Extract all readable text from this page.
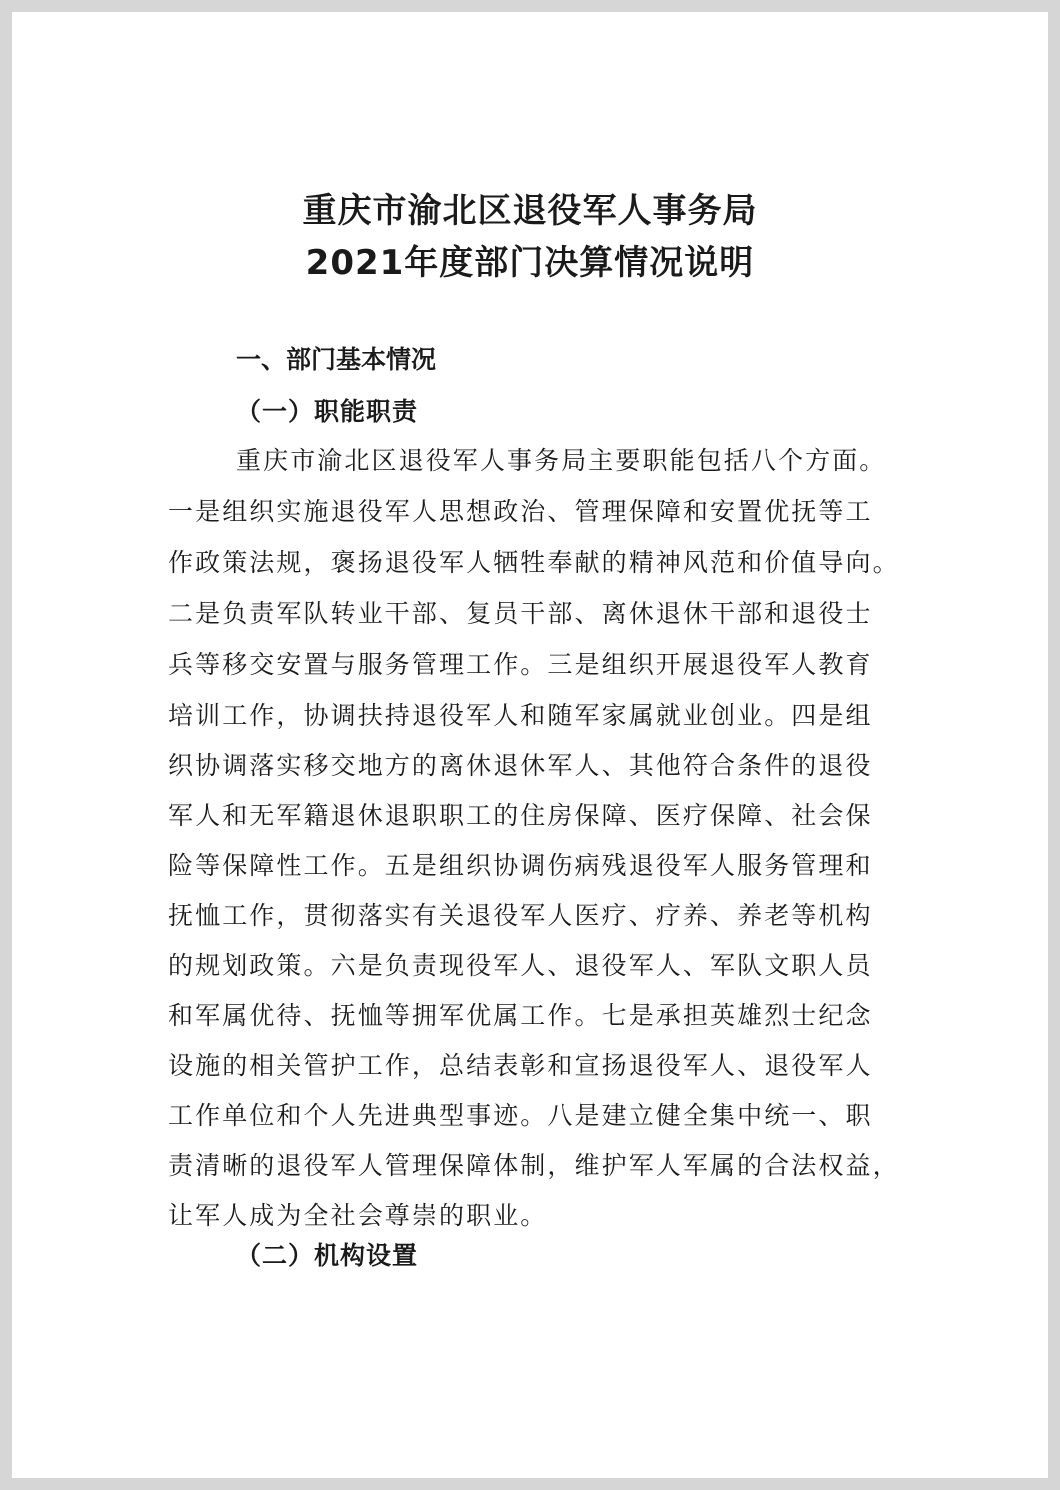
重庆市渝北区退役军人事务局
2021年度部门决算情况说明
一、部门基本情况
（一）职能职责
重庆市渝北区退役军人事务局主要职能包括八个方面。
一是组织实施退役军人思想政治、管理保障和安置优抚等工
作政策法规，褒扬退役军人牺牲奉献的精神风范和价值导向。
二是负责军队转业干部、复员干部、离休退休干部和退役士
兵等移交安置与服务管理工作。三是组织开展退役军人教育
培训工作，协调扶持退役军人和随军家属就业创业。四是组
织协调落实移交地方的离休退休军人、其他符合条件的退役
军人和无军籍退休退职职工的住房保障、医疗保障、社会保
险等保障性工作。五是组织协调伤病残退役军人服务管理和
抚恤工作，贯彻落实有关退役军人医疗、疗养、养老等机构
的规划政策。六是负责现役军人、退役军人、军队文职人员
和军属优待、抚恤等拥军优属工作。七是承担英雄烈士纪念
设施的相关管护工作，总结表彰和宣扬退役军人、退役军人
工作单位和个人先进典型事迹。八是建立健全集中统一、职
责清晰的退役军人管理保障体制，维护军人军属的合法权益，
让军人成为全社会尊崇的职业。
（二）机构设置
